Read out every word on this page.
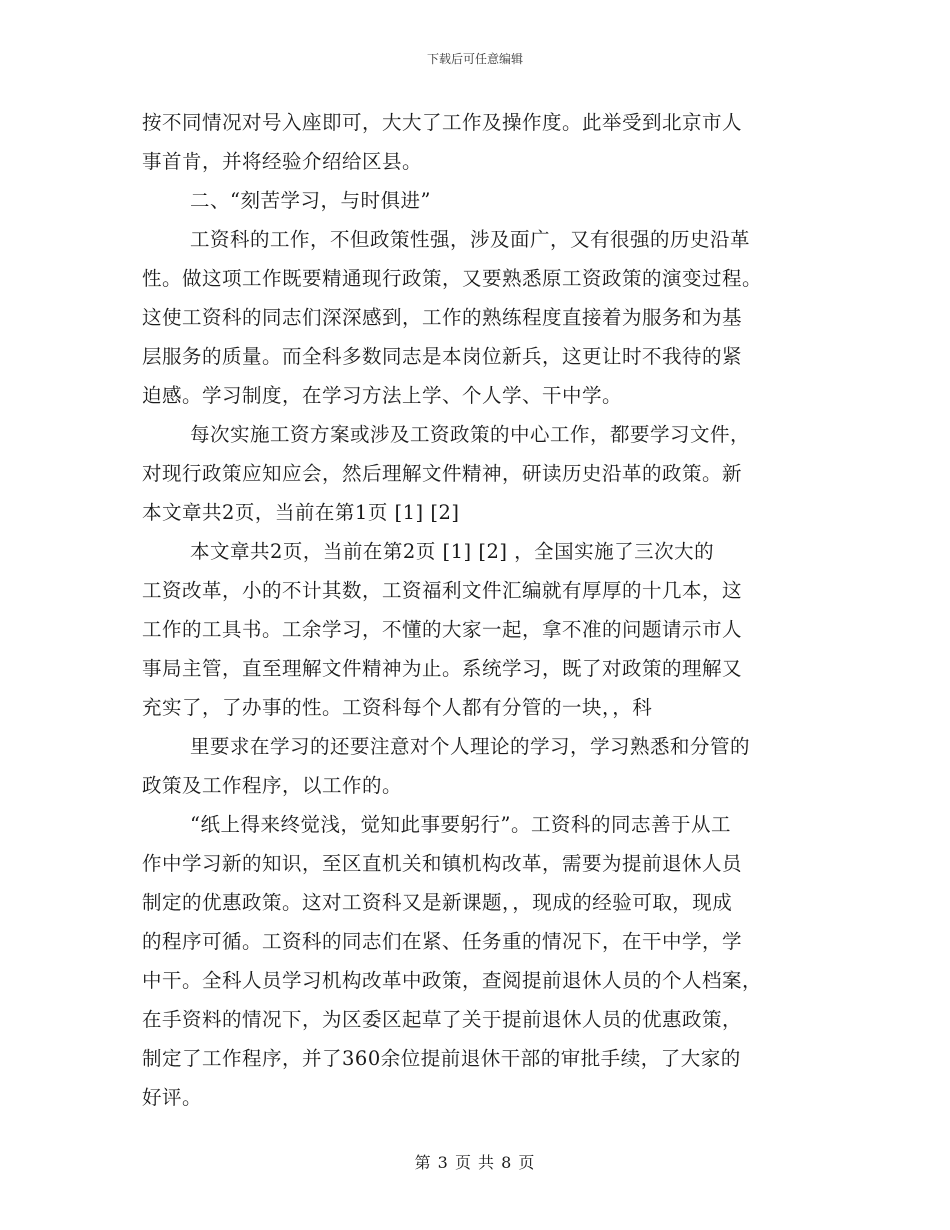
下载后可任意编辑
按不同情况对号入座即可，大大了工作及操作度。此举受到北京市人
事首肯，并将经验介绍给区县。
二、“刻苦学习，与时俱进”
工资科的工作，不但政策性强，涉及面广，又有很强的历史沿革
性。做这项工作既要精通现行政策，又要熟悉原工资政策的演变过程。
这使工资科的同志们深深感到，工作的熟练程度直接着为服务和为基
层服务的质量。而全科多数同志是本岗位新兵，这更让时不我待的紧
迫感。学习制度，在学习方法上学、个人学、干中学。
每次实施工资方案或涉及工资政策的中心工作，都要学习文件，
对现行政策应知应会，然后理解文件精神，研读历史沿革的政策。新
本文章共2页，当前在第1页 [1] [2]
本文章共2页，当前在第2页 [1] [2] ，全国实施了三次大的
工资改革，小的不计其数，工资福利文件汇编就有厚厚的十几本，这
工作的工具书。工余学习，不懂的大家一起，拿不准的问题请示市人
事局主管，直至理解文件精神为止。系统学习，既了对政策的理解又
充实了，了办事的性。工资科每个人都有分管的一块，，科
里要求在学习的还要注意对个人理论的学习，学习熟悉和分管的
政策及工作程序，以工作的。
“纸上得来终觉浅，觉知此事要躬行”。工资科的同志善于从工
作中学习新的知识，至区直机关和镇机构改革，需要为提前退休人员
制定的优惠政策。这对工资科又是新课题，，现成的经验可取，现成
的程序可循。工资科的同志们在紧、任务重的情况下，在干中学，学
中干。全科人员学习机构改革中政策，查阅提前退休人员的个人档案，
在手资料的情况下，为区委区起草了关于提前退休人员的优惠政策，
制定了工作程序，并了360余位提前退休干部的审批手续，了大家的
好评。
第 3 页 共 8 页
